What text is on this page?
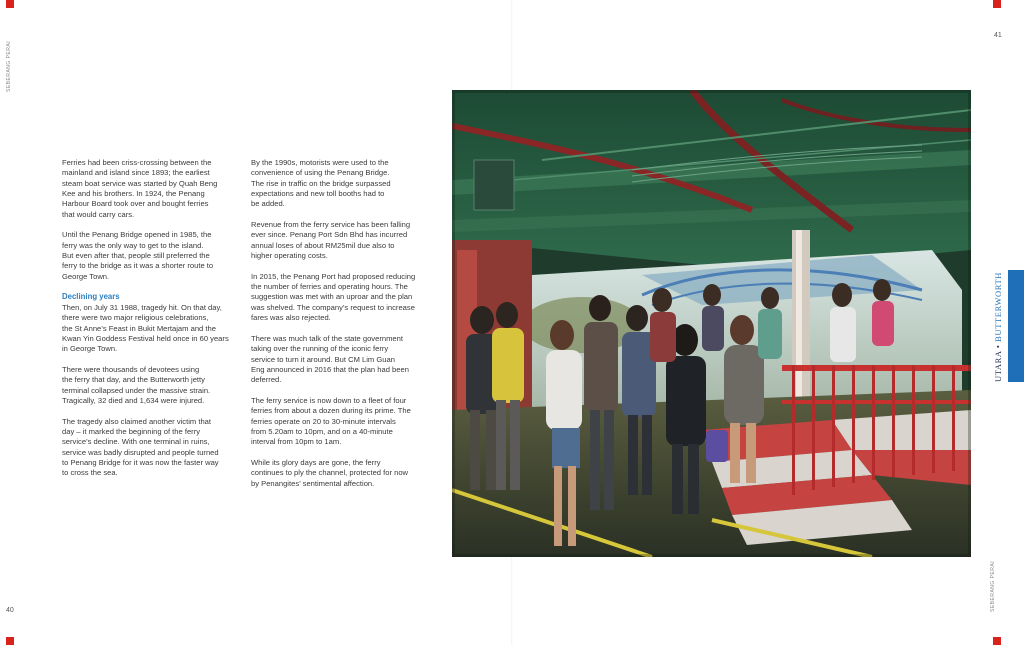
SEBERANG PERAI
40

Ferries had been criss-crossing between the
mainland and island since 1893; the earliest
steam boat service was started by Quah Beng
Kee and his brothers. In 1924, the Penang
Harbour Board took over and bought ferries
that would carry cars.

Until the Penang Bridge opened in 1985, the
ferry was the only way to get to the island.
But even after that, people still preferred the
ferry to the bridge as it was a shorter route to
George Town.

Declining years

Then, on July 31 1988, tragedy hit. On that day,
there were two major religious celebrations,
the St Anne’s Feast in Bukit Mertajam and the
Kwan Yin Goddess Festival held once in 60 years
in George Town.

There were thousands of devotees using
the ferry that day, and the Butterworth jetty
terminal collapsed under the massive strain.
Tragically, 32 died and 1,634 were injured.

The tragedy also claimed another victim that
day – it marked the beginning of the ferry
service’s decline. With one terminal in ruins,
service was badly disrupted and people turned
to Penang Bridge for it was now the faster way
to cross the sea.

By the 1990s, motorists were used to the
convenience of using the Penang Bridge.
The rise in traffic on the bridge surpassed
expectations and new toll booths had to
be added.

Revenue from the ferry service has been falling
ever since. Penang Port Sdn Bhd has incurred
annual loses of about RM25mil due also to
higher operating costs.

In 2015, the Penang Port had proposed reducing
the number of ferries and operating hours. The
suggestion was met with an uproar and the plan
was shelved. The company’s request to increase
fares was also rejected.

There was much talk of the state government
taking over the running of the iconic ferry
service to turn it around. But CM Lim Guan
Eng announced in 2016 that the plan had been
deferred.

The ferry service is now down to a fleet of four
ferries from about a dozen during its prime. The
ferries operate on 20 to 30-minute intervals
from 5.20am to 10pm, and on a 40-minute
interval from 10pm to 1am.

While its glory days are gone, the ferry
continues to ply the channel, protected for now
by Penangites’ sentimental affection.

41
SEBERANG PERAI
UTARA • BUTTERWORTH
